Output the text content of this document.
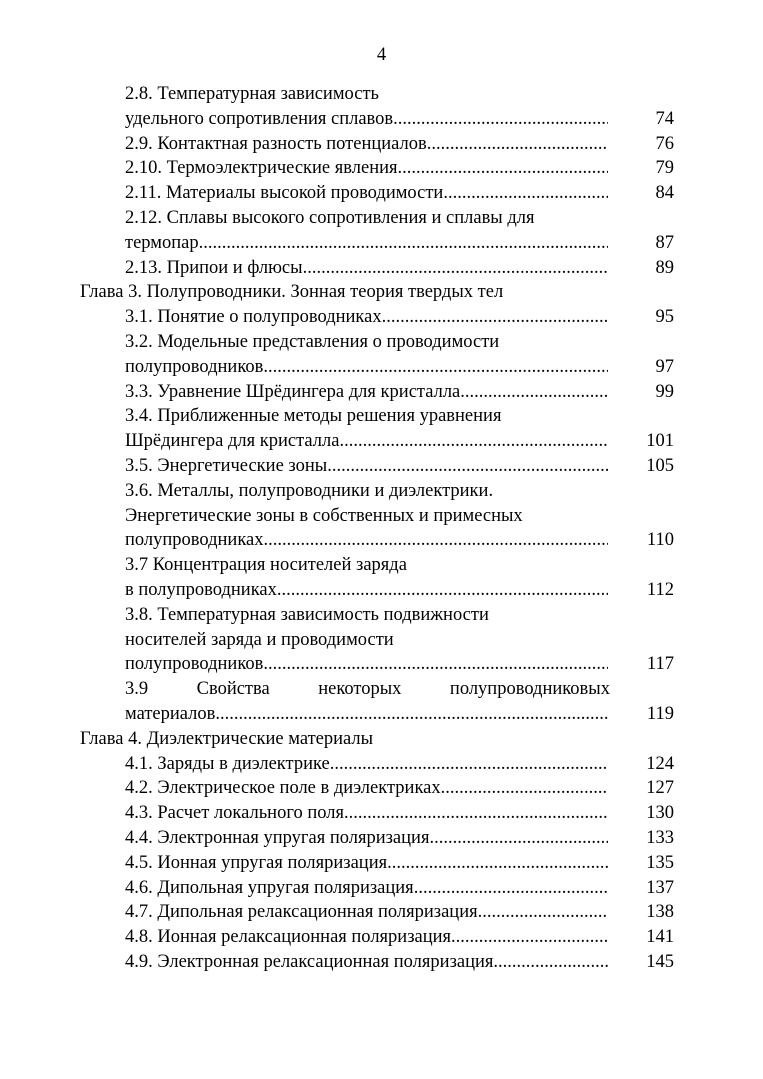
4
2.8. Температурная зависимость
удельного сопротивления сплавов .....	74
2.9. Контактная разность потенциалов .....	76
2.10. Термоэлектрические явления .....	79
2.11. Материалы высокой проводимости .....	84
2.12. Сплавы высокого сопротивления и сплавы для
термопар .....	87
2.13. Припои и флюсы .....	89
Глава 3. Полупроводники. Зонная теория твердых тел
3.1. Понятие о полупроводниках .....	95
3.2. Модельные представления о проводимости
полупроводников .....	97
3.3. Уравнение Шрёдингера для кристалла .....	99
3.4. Приближенные методы решения уравнения
Шрёдингера для кристалла .....	101
3.5. Энергетические зоны .....	105
3.6. Металлы, полупроводники и диэлектрики.
Энергетические зоны в собственных и примесных
полупроводниках .....	110
3.7 Концентрация носителей заряда
в полупроводниках .....	112
3.8. Температурная зависимость подвижности
носителей заряда и проводимости
полупроводников .....	117
3.9	Свойства	некоторых	полупроводниковых
материалов .....	119
Глава 4. Диэлектрические материалы
4.1. Заряды в диэлектрике .....	124
4.2. Электрическое поле в диэлектриках .....	127
4.3. Расчет локального поля .....	130
4.4. Электронная упругая поляризация .....	133
4.5. Ионная упругая поляризация .....	135
4.6. Дипольная упругая поляризация .....	137
4.7. Дипольная релаксационная поляризация .....	138
4.8. Ионная релаксационная поляризация .....	141
4.9. Электронная релаксационная поляризация .....	145
